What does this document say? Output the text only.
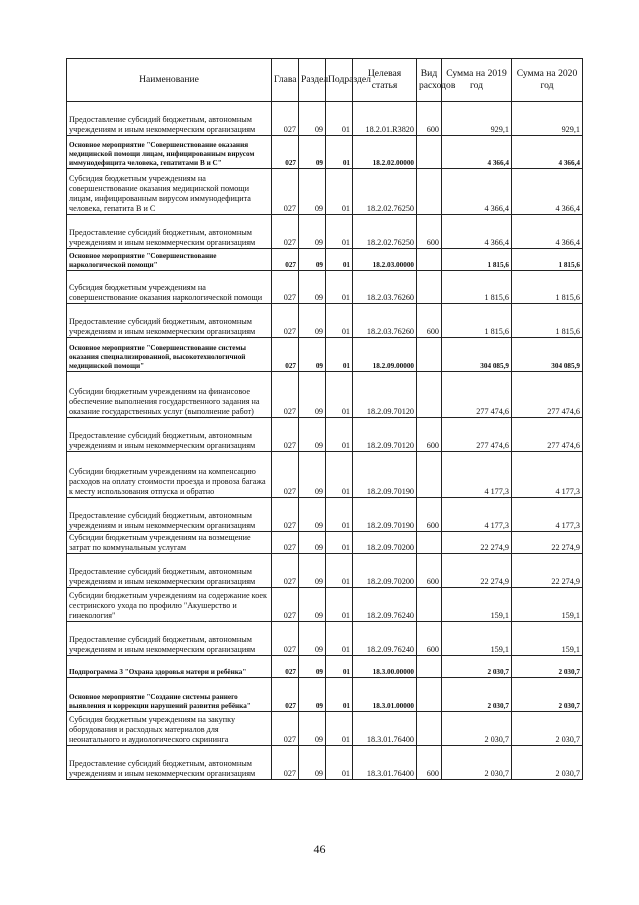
Наименование	Глава	Раздел	Подраздел	Целевая статья	Вид расходов	Сумма на 2019 год	Сумма на 2020 год
Предоставление субсидий бюджетным, автономным учреждениям и иным некоммерческим организациям	027	09	01	18.2.01.R3820	600	929,1	929,1
Основное мероприятие "Совершенствование оказания медицинской помощи лицам, инфицированным вирусом иммунодефицита человека, гепатитами В и С"	027	09	01	18.2.02.00000		4 366,4	4 366,4
Субсидия бюджетным учреждениям на совершенствование оказания медицинской помощи лицам, инфицированным вирусом иммунодефицита человека, гепатита В и С	027	09	01	18.2.02.76250		4 366,4	4 366,4
Предоставление субсидий бюджетным, автономным учреждениям и иным некоммерческим организациям	027	09	01	18.2.02.76250	600	4 366,4	4 366,4
Основное мероприятие "Совершенствование наркологической помощи"	027	09	01	18.2.03.00000		1 815,6	1 815,6
Субсидия бюджетным учреждениям на совершенствование оказания наркологической помощи	027	09	01	18.2.03.76260		1 815,6	1 815,6
Предоставление субсидий бюджетным, автономным учреждениям и иным некоммерческим организациям	027	09	01	18.2.03.76260	600	1 815,6	1 815,6
Основное мероприятие "Совершенствование системы оказания специализированной, высокотехнологичной медицинской помощи"	027	09	01	18.2.09.00000		304 085,9	304 085,9
Субсидии бюджетным учреждениям на финансовое обеспечение выполнения государственного задания на оказание государственных услуг (выполнение работ)	027	09	01	18.2.09.70120		277 474,6	277 474,6
Предоставление субсидий бюджетным, автономным учреждениям и иным некоммерческим организациям	027	09	01	18.2.09.70120	600	277 474,6	277 474,6
Субсидии бюджетным учреждениям на компенсацию расходов на оплату стоимости проезда и провоза багажа к месту использования отпуска и обратно	027	09	01	18.2.09.70190		4 177,3	4 177,3
Предоставление субсидий бюджетным, автономным учреждениям и иным некоммерческим организациям	027	09	01	18.2.09.70190	600	4 177,3	4 177,3
Субсидии бюджетным учреждениям на возмещение затрат по коммунальным услугам	027	09	01	18.2.09.70200		22 274,9	22 274,9
Предоставление субсидий бюджетным, автономным учреждениям и иным некоммерческим организациям	027	09	01	18.2.09.70200	600	22 274,9	22 274,9
Субсидии бюджетным учреждениям на содержание коек сестринского ухода по профилю "Акушерство и гинекология"	027	09	01	18.2.09.76240		159,1	159,1
Предоставление субсидий бюджетным, автономным учреждениям и иным некоммерческим организациям	027	09	01	18.2.09.76240	600	159,1	159,1
Подпрограмма 3 "Охрана здоровья матери и ребёнка"	027	09	01	18.3.00.00000		2 030,7	2 030,7
Основное мероприятие "Создание системы раннего выявления и коррекции нарушений развития ребёнка"	027	09	01	18.3.01.00000		2 030,7	2 030,7
Субсидия бюджетным учреждениям на закупку оборудования и расходных материалов для неонатального и аудиологического скрининга	027	09	01	18.3.01.76400		2 030,7	2 030,7
Предоставление субсидий бюджетным, автономным учреждениям и иным некоммерческим организациям	027	09	01	18.3.01.76400	600	2 030,7	2 030,7
46
